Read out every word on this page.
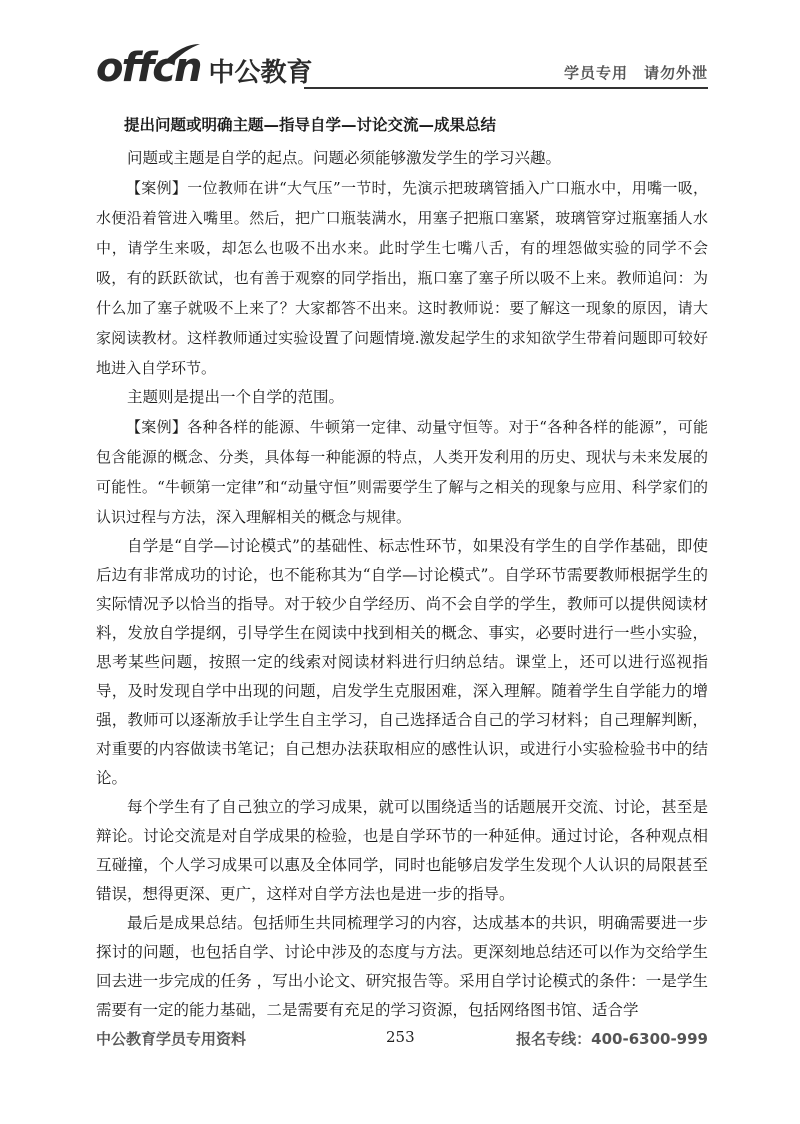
offcn 中公教育	学员专用 请勿外泄
提出问题或明确主题—指导自学—讨论交流—成果总结

问题或主题是自学的起点。问题必须能够激发学生的学习兴趣。

【案例】一位教师在讲“大气压”一节时，先演示把玻璃管插入广口瓶水中，用嘴一吸，水便沿着管进入嘴里。然后，把广口瓶装满水，用塞子把瓶口塞紧，玻璃管穿过瓶塞插人水中，请学生来吸，却怎么也吸不出水来。此时学生七嘴八舌，有的埋怨做实验的同学不会吸，有的跃跃欲试，也有善于观察的同学指出，瓶口塞了塞子所以吸不上来。教师追问：为什么加了塞子就吸不上来了？大家都答不出来。这时教师说：要了解这一现象的原因，请大家阅读教材。这样教师通过实验设置了问题情境.激发起学生的求知欲学生带着问题即可较好地进入自学环节。

主题则是提出一个自学的范围。

【案例】各种各样的能源、牛顿第一定律、动量守恒等。对于“各种各样的能源”，可能包含能源的概念、分类，具体每一种能源的特点，人类开发利用的历史、现状与未来发展的可能性。“牛顿第一定律”和“动量守恒”则需要学生了解与之相关的现象与应用、科学家们的认识过程与方法，深入理解相关的概念与规律。

自学是“自学—讨论模式”的基础性、标志性环节，如果没有学生的自学作基础，即使后边有非常成功的讨论，也不能称其为“自学—讨论模式”。自学环节需要教师根据学生的实际情况予以恰当的指导。对于较少自学经历、尚不会自学的学生，教师可以提供阅读材料，发放自学提纲，引导学生在阅读中找到相关的概念、事实，必要时进行一些小实验，思考某些问题，按照一定的线索对阅读材料进行归纳总结。课堂上，还可以进行巡视指导，及时发现自学中出现的问题，启发学生克服困难，深入理解。随着学生自学能力的增强，教师可以逐渐放手让学生自主学习，自己选择适合自己的学习材料；自己理解判断，对重要的内容做读书笔记；自己想办法获取相应的感性认识，或进行小实验检验书中的结论。

每个学生有了自己独立的学习成果，就可以围绕适当的话题展开交流、讨论，甚至是辩论。讨论交流是对自学成果的检验，也是自学环节的一种延伸。通过讨论，各种观点相互碰撞，个人学习成果可以惠及全体同学，同时也能够启发学生发现个人认识的局限甚至错误，想得更深、更广，这样对自学方法也是进一步的指导。

最后是成果总结。包括师生共同梳理学习的内容，达成基本的共识，明确需要进一步探讨的问题，也包括自学、讨论中涉及的态度与方法。更深刻地总结还可以作为交给学生回去进一步完成的任务 ，写出小论文、研究报告等。采用自学讨论模式的条件：一是学生需要有一定的能力基础，二是需要有充足的学习资源，包括网络图书馆、适合学

中公教育学员专用资料	253	报名专线：400-6300-999
